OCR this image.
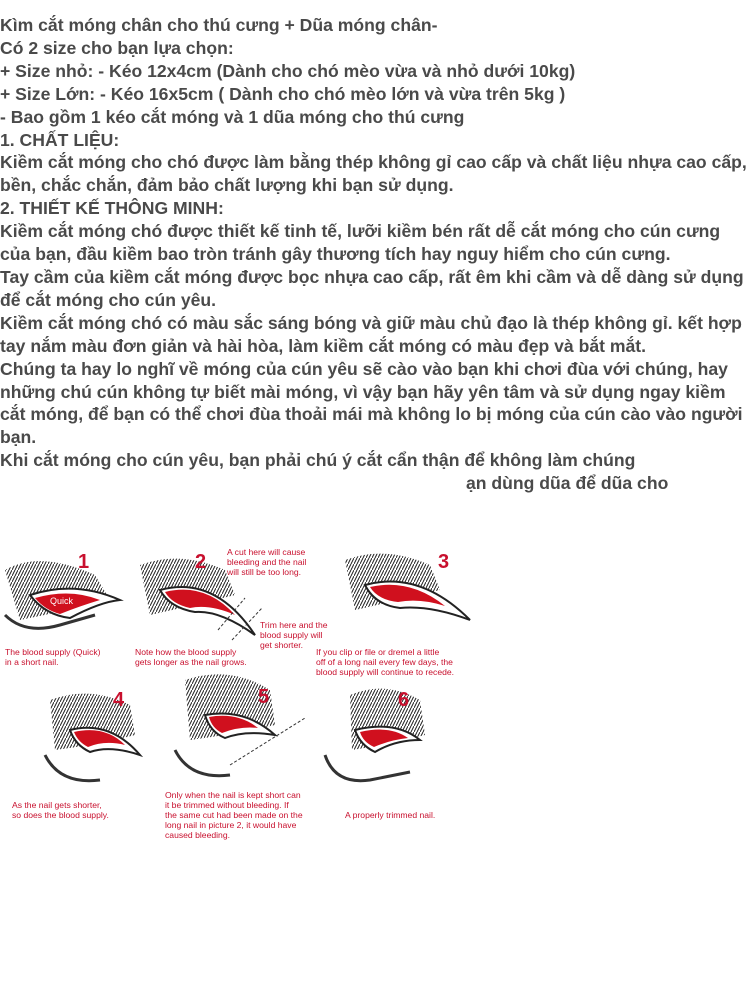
Kìm cắt móng chân cho thú cưng + Dũa móng chân-

Có 2 size cho bạn lựa chọn:

+ Size nhỏ: - Kéo 12x4cm (Dành cho chó mèo vừa và nhỏ dưới 10kg)

+ Size Lớn: - Kéo 16x5cm ( Dành cho chó mèo lớn và vừa trên 5kg )

- Bao gồm 1 kéo cắt móng và 1 dũa móng cho thú cưng

1. CHẤT LIỆU:

Kiềm cắt móng cho chó được làm bằng thép không gỉ cao cấp và chất liệu nhựa cao cấp, bền, chắc chắn, đảm bảo chất lượng khi bạn sử dụng.

2. THIẾT KẾ THÔNG MINH:

Kiềm cắt móng chó được thiết kế tinh tế, lưỡi kiềm bén rất dễ cắt móng cho cún cưng của bạn, đầu kiềm bao tròn tránh gây thương tích hay nguy hiểm cho cún cưng.

Tay cầm của kiềm cắt móng được bọc nhựa cao cấp, rất êm khi cầm và dễ dàng sử dụng để cắt móng cho cún yêu.

Kiềm cắt móng chó có màu sắc sáng bóng và giữ màu chủ đạo là thép không gỉ. kết hợp tay nắm màu đơn giản và hài hòa, làm kiềm cắt móng có màu đẹp và bắt mắt.

Chúng ta hay lo nghĩ về móng của cún yêu sẽ cào vào bạn khi chơi đùa với chúng, hay những chú cún không tự biết mài móng, vì vậy bạn hãy yên tâm và sử dụng ngay kiềm cắt móng, để bạn có thể chơi đùa thoải mái mà không lo bị móng của cún cào vào người bạn.

Khi cắt móng cho cún yêu, bạn phải chú ý cắt cẩn thận để không làm chúng

ạn dùng dũa để dũa cho

1
Quick
The blood supply (Quick)
in a short nail.
2 A cut here will cause
bleeding and the nail
will still be too long.
Trim here and the
blood supply will
get shorter.
Note how the blood supply
gets longer as the nail grows.
3
If you clip or file or dremel a little
off of a long nail every few days, the
blood supply will continue to recede.
4
As the nail gets shorter,
so does the blood supply.
5
Only when the nail is kept short can
it be trimmed without bleeding. If
the same cut had been made on the
long nail in picture 2, it would have
caused bleeding.
6
A properly trimmed nail.
